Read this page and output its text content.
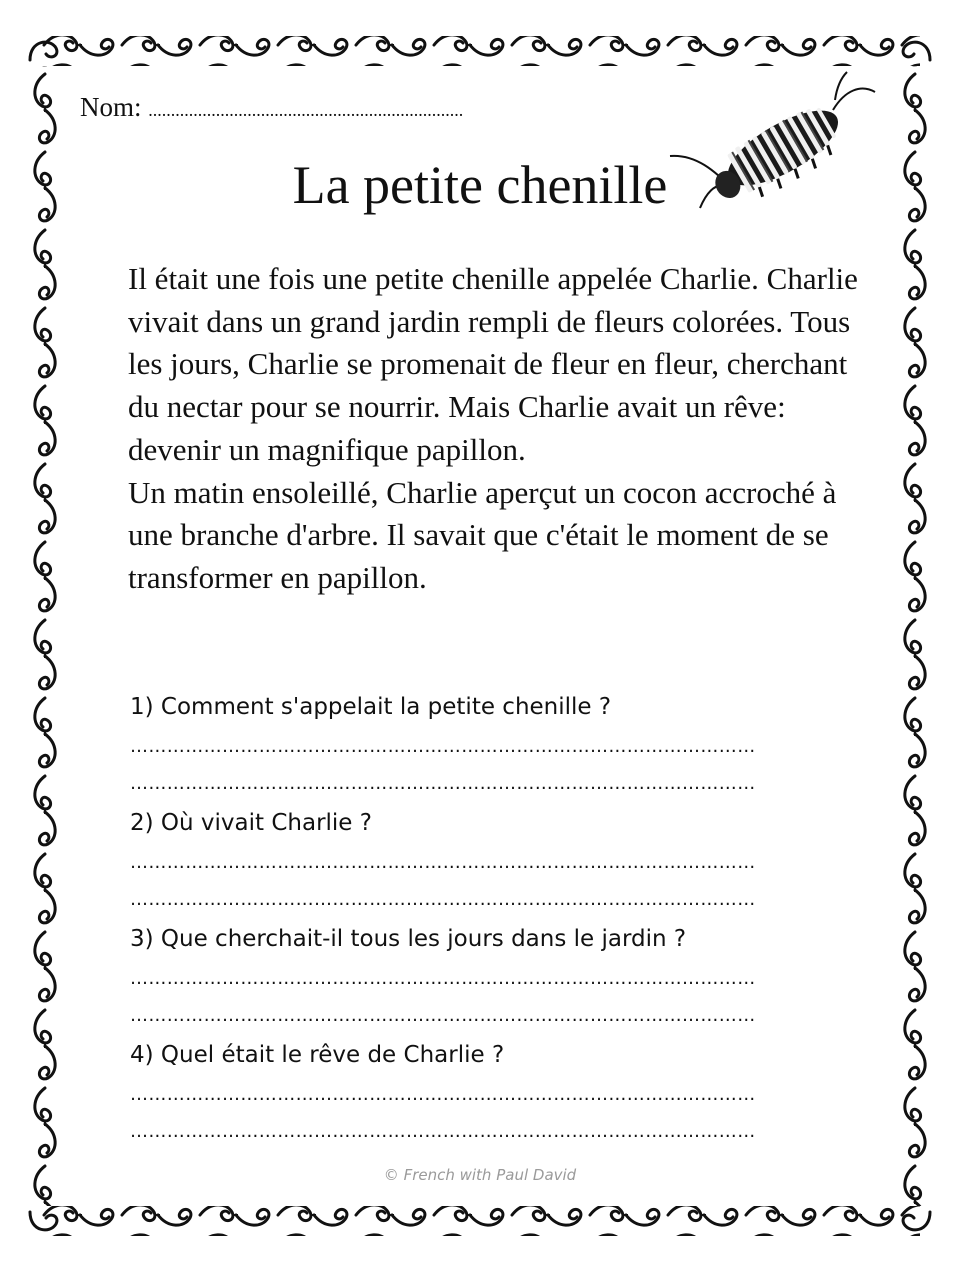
Nom: ......................................................................
La petite chenille

Il était une fois une petite chenille appelée Charlie. Charlie vivait dans un grand jardin rempli de fleurs colorées. Tous les jours, Charlie se promenait de fleur en fleur, cherchant du nectar pour se nourrir. Mais Charlie avait un rêve: devenir un magnifique papillon.

Un matin ensoleillé, Charlie aperçut un cocon accroché à une branche d'arbre. Il savait que c'était le moment de se transformer en papillon.

1) Comment s'appelait la petite chenille ?
…………………………………………………………………………………………
…………………………………………………………………………………………
2) Où vivait Charlie ?
…………………………………………………………………………………………
…………………………………………………………………………………………
3) Que cherchait-il tous les jours dans le jardin ?
…………………………………………………………………………………………
…………………………………………………………………………………………
4) Quel était le rêve de Charlie ?
…………………………………………………………………………………………
…………………………………………………………………………………………
© French with Paul David
